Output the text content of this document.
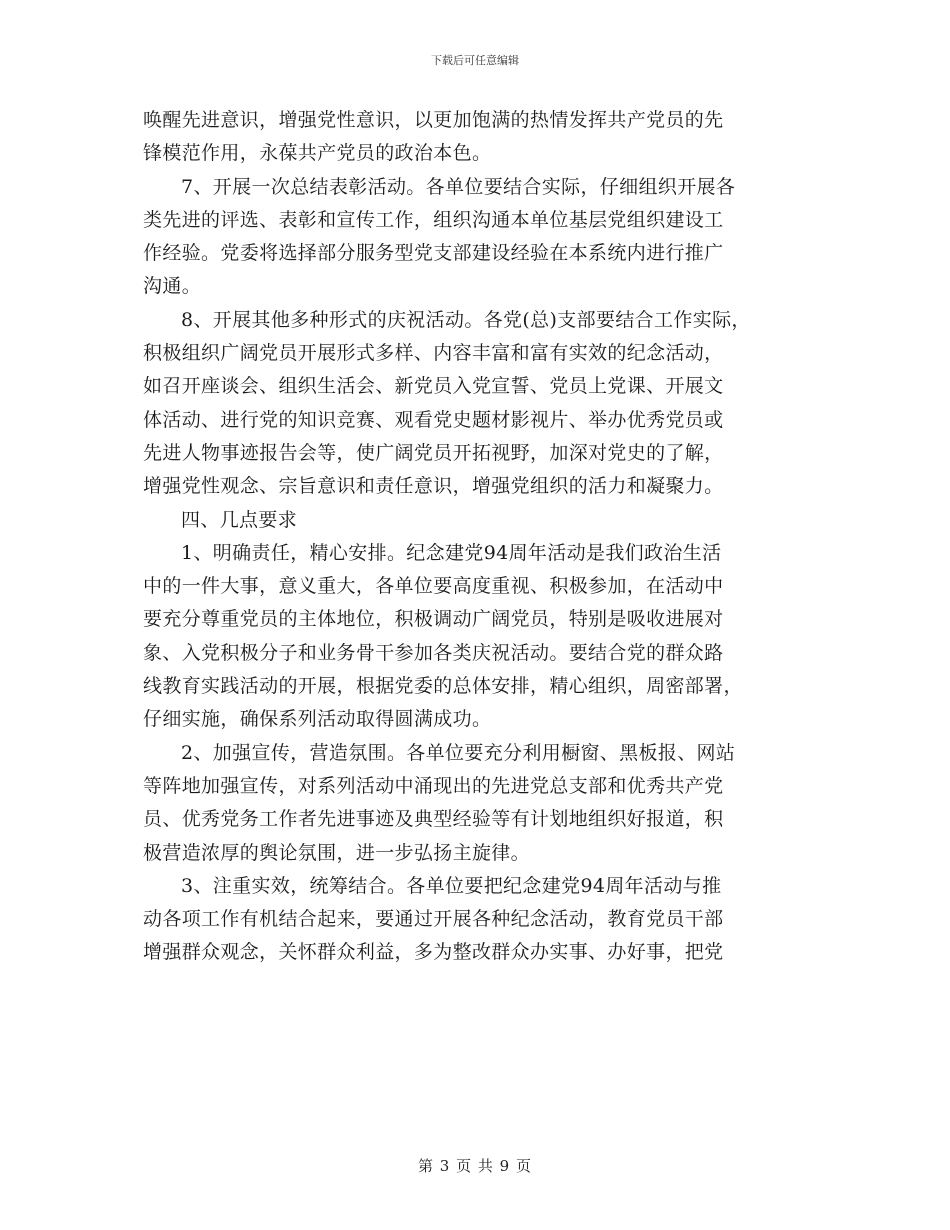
下载后可任意编辑
唤醒先进意识，增强党性意识，以更加饱满的热情发挥共产党员的先
锋模范作用，永葆共产党员的政治本色。
7、开展一次总结表彰活动。各单位要结合实际，仔细组织开展各
类先进的评选、表彰和宣传工作，组织沟通本单位基层党组织建设工
作经验。党委将选择部分服务型党支部建设经验在本系统内进行推广
沟通。
8、开展其他多种形式的庆祝活动。各党(总)支部要结合工作实际，
积极组织广阔党员开展形式多样、内容丰富和富有实效的纪念活动，
如召开座谈会、组织生活会、新党员入党宣誓、党员上党课、开展文
体活动、进行党的知识竞赛、观看党史题材影视片、举办优秀党员或
先进人物事迹报告会等，使广阔党员开拓视野，加深对党史的了解，
增强党性观念、宗旨意识和责任意识，增强党组织的活力和凝聚力。
四、几点要求
1、明确责任，精心安排。纪念建党94周年活动是我们政治生活
中的一件大事，意义重大，各单位要高度重视、积极参加，在活动中
要充分尊重党员的主体地位，积极调动广阔党员，特别是吸收进展对
象、入党积极分子和业务骨干参加各类庆祝活动。要结合党的群众路
线教育实践活动的开展，根据党委的总体安排，精心组织，周密部署，
仔细实施，确保系列活动取得圆满成功。
2、加强宣传，营造氛围。各单位要充分利用橱窗、黑板报、网站
等阵地加强宣传，对系列活动中涌现出的先进党总支部和优秀共产党
员、优秀党务工作者先进事迹及典型经验等有计划地组织好报道，积
极营造浓厚的舆论氛围，进一步弘扬主旋律。
3、注重实效，统筹结合。各单位要把纪念建党94周年活动与推
动各项工作有机结合起来，要通过开展各种纪念活动，教育党员干部
增强群众观念，关怀群众利益，多为整改群众办实事、办好事，把党
第 3 页 共 9 页
